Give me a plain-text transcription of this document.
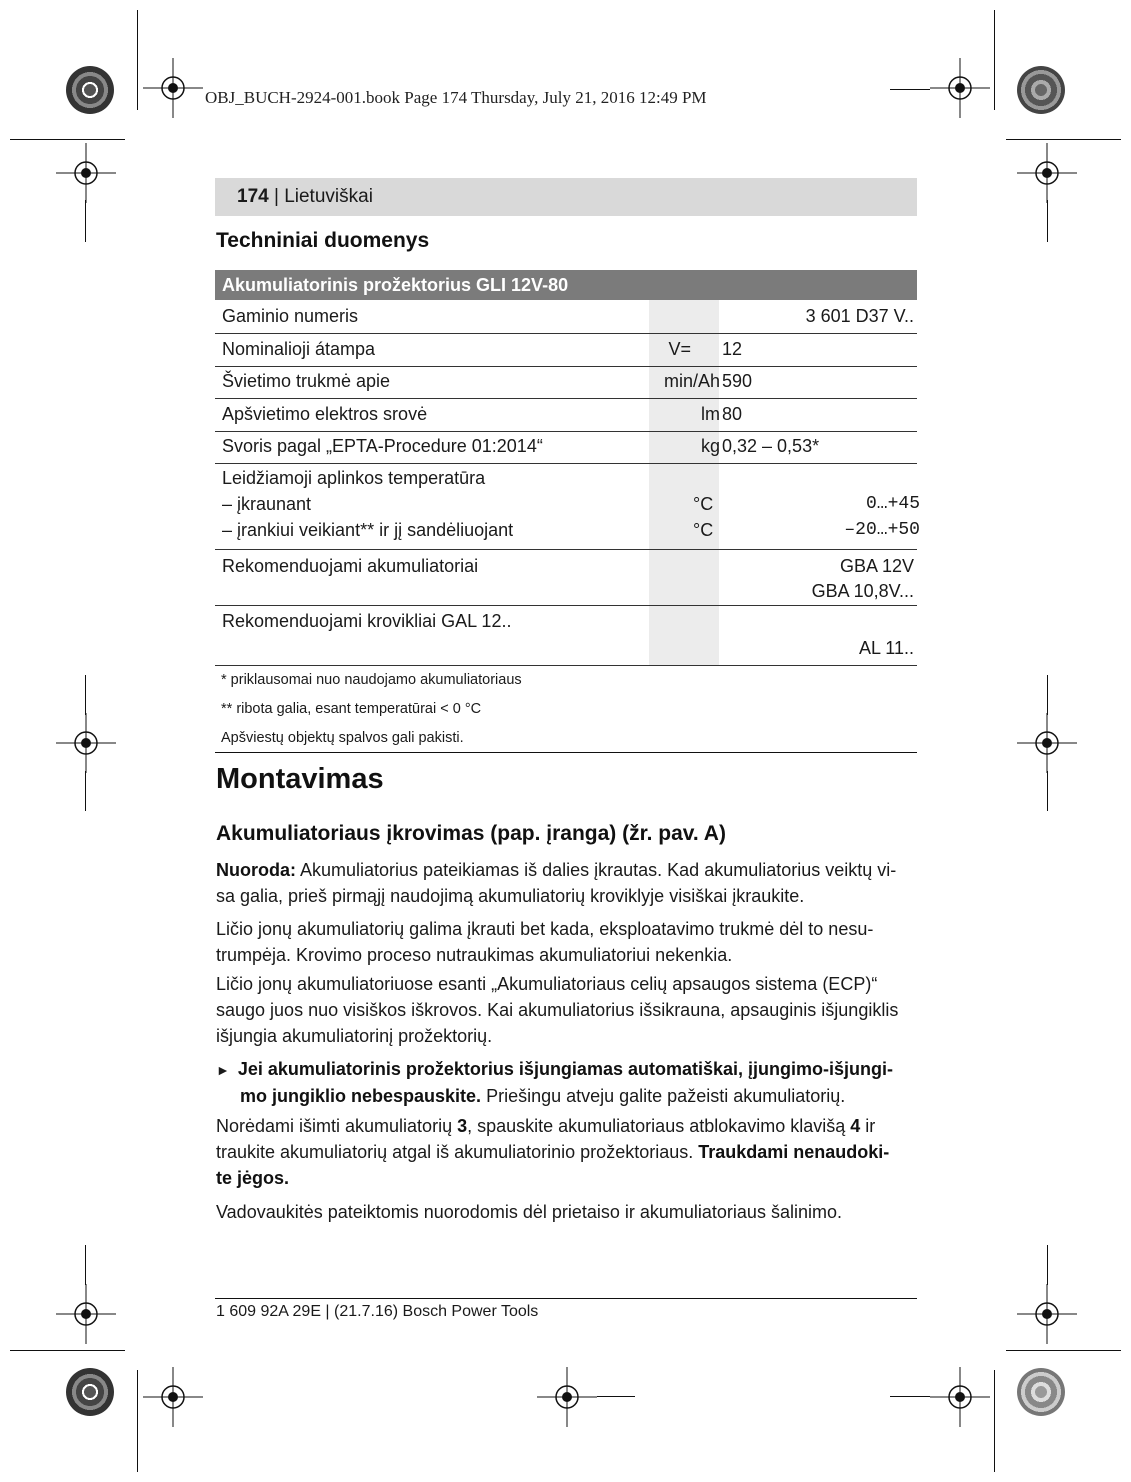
OBJ_BUCH-2924-001.book Page 174 Thursday, July 21, 2016 12:49 PM
174 | Lietuviškai
Techniniai duomenys
Akumuliatorinis prožektorius GLI 12V-80
Gaminio numeris	3 601 D37 V..
Nominalioji átampa	V= 12
Švietimo trukmė apie	min/Ah 590
Apšvietimo elektros srovė	lm 80
Svoris pagal „EPTA-Procedure 01:2014“	kg 0,32 – 0,53*
Leidžiamoji aplinkos temperatūra
– įkraunant	°C	0…+45
– įrankiui veikiant** ir jį sandėliuojant	°C	–20…+50
Rekomenduojami akumuliatoriai	GBA 12V
GBA 10,8V...
Rekomenduojami krovikliai GAL 12..
AL 11..
* priklausomai nuo naudojamo akumuliatoriaus
** ribota galia, esant temperatūrai < 0 °C
Apšviestų objektų spalvos gali pakisti.
Montavimas
Akumuliatoriaus įkrovimas (pap. įranga) (žr. pav. A)
Nuoroda: Akumuliatorius pateikiamas iš dalies įkrautas. Kad akumuliatorius veiktų vi-
sa galia, prieš pirmąjį naudojimą akumuliatorių kroviklyje visiškai įkraukite.
Ličio jonų akumuliatorių galima įkrauti bet kada, eksploatavimo trukmė dėl to nesu-
trumpėja. Krovimo proceso nutraukimas akumuliatoriui nekenkia.
Ličio jonų akumuliatoriuose esanti „Akumuliatoriaus celių apsaugos sistema (ECP)“
saugo juos nuo visiškos iškrovos. Kai akumuliatorius išsikrauna, apsauginis išjungiklis
išjungia akumuliatorinį prožektorių.
► Jei akumuliatorinis prožektorius išjungiamas automatiškai, įjungimo-išjungi-
mo jungiklio nebespauskite. Priešingu atveju galite pažeisti akumuliatorių.
Norėdami išimti akumuliatorių 3, spauskite akumuliatoriaus atblokavimo klavišą 4 ir
traukite akumuliatorių atgal iš akumuliatorinio prožektoriaus. Traukdami nenaudoki-
te jėgos.
Vadovaukitės pateiktomis nuorodomis dėl prietaiso ir akumuliatoriaus šalinimo.
1 609 92A 29E | (21.7.16) Bosch Power Tools
